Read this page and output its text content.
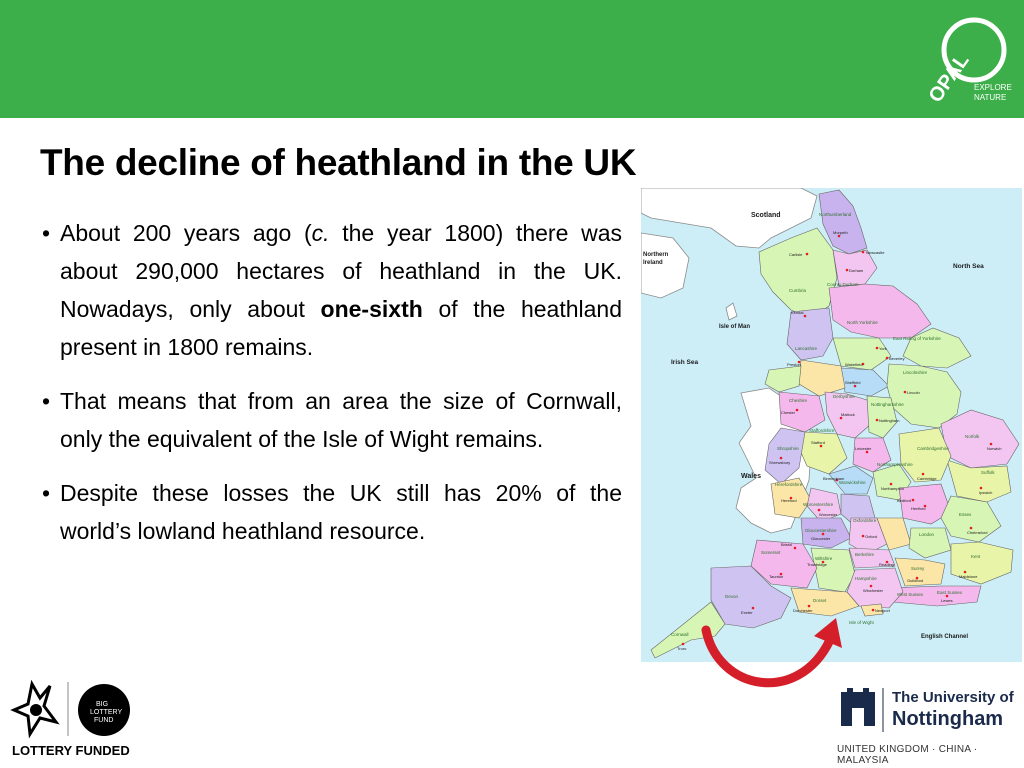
OPAL EXPLORE
NATURE
The decline of heathland in the UK
• About 200 years ago (c. the year 1800) there was about 290,000 hectares of heathland in the UK. Nowadays, only about one-sixth of the heathland present in 1800 remains.
• That means that from an area the size of Cornwall, only the equivalent of the Isle of Wight remains.
• Despite these losses the UK still has 20% of the world’s lowland heathland resource.
Scotland
Northern
Ireland	North Sea
Isle of Man
Irish Sea
Wales
English Channel
Northumberland
Cumbria
County Durham
North Yorkshire
East Riding of Yorkshire
Lancashire
Lincolnshire
Derbyshire
Nottinghamshire
Cheshire
Staffordshire
Shropshire
Norfolk
Suffolk
Cambridgeshire
Northamptonshire
Herefordshire
Worcestershire
Warwickshire
Gloucestershire
Oxfordshire
Essex
London
Berkshire	Kent
Surrey
West Sussex	East Sussex
Wiltshire
Hampshire
Somerset
Dorset
Devon
Cornwall
Isle of Wight
Newcastle
Carlisle
Morpeth
Durham
York
Beverley
Wakefield
Sheffield
Lincoln
Nottingham
Preston
Chester
Stafford
Shrewsbury
Leicester	Norwich
Ipswich
Cambridge
Northampton
Hereford
Worcester
Gloucester	Oxford
Hertford
Chelmsford
Maidstone
Reading
Guildford
Lewes
Winchester
Trowbridge
Taunton
Dorchester
Exeter
Truro
Newport
Birmingham
Bristol
Matlock
Bedford
Kendal
BIG
LOTTERY
FUND
LOTTERY FUNDED
The University of
Nottingham
UNITED KINGDOM · CHINA · MALAYSIA
